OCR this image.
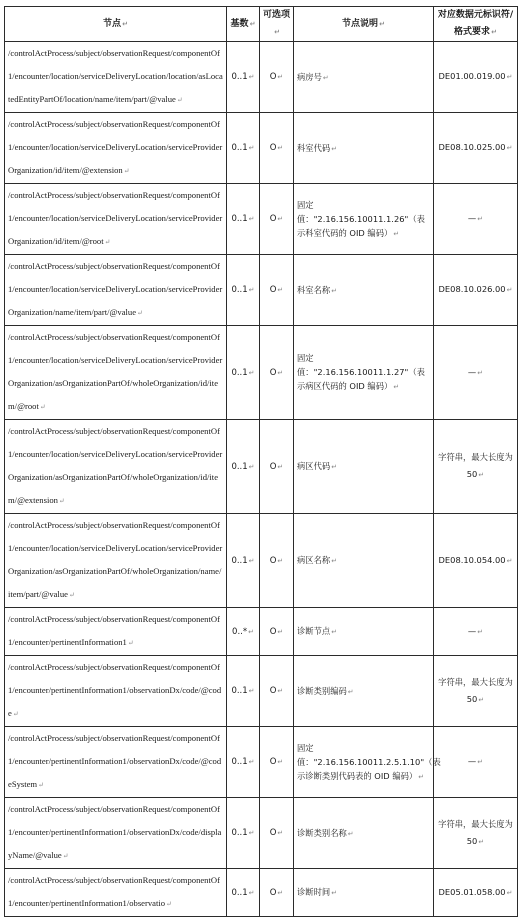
节点↵	基数↵	可选项↵	节点说明↵	对应数据元标识符/格式要求↵
/controlActProcess/subject/observationRequest/componentOf1/encounter/location/serviceDeliveryLocation/location/asLocatedEntityPartOf/location/name/item/part/@value↵	0..1↵	O↵	病房号↵	DE01.00.019.00↵
/controlActProcess/subject/observationRequest/componentOf1/encounter/location/serviceDeliveryLocation/serviceProviderOrganization/id/item/@extension↵	0..1↵	O↵	科室代码↵	DE08.10.025.00↵
/controlActProcess/subject/observationRequest/componentOf1/encounter/location/serviceDeliveryLocation/serviceProviderOrganization/id/item/@root↵	0..1↵	O↵	固定值："2.16.156.10011.1.26"（表示科室代码的 OID 编码）↵	—↵
/controlActProcess/subject/observationRequest/componentOf1/encounter/location/serviceDeliveryLocation/serviceProviderOrganization/name/item/part/@value↵	0..1↵	O↵	科室名称↵	DE08.10.026.00↵
/controlActProcess/subject/observationRequest/componentOf1/encounter/location/serviceDeliveryLocation/serviceProviderOrganization/asOrganizationPartOf/wholeOrganization/id/item/@root↵	0..1↵	O↵	固定值："2.16.156.10011.1.27"（表示病区代码的 OID 编码）↵	—↵
/controlActProcess/subject/observationRequest/componentOf1/encounter/location/serviceDeliveryLocation/serviceProviderOrganization/asOrganizationPartOf/wholeOrganization/id/item/@extension↵	0..1↵	O↵	病区代码↵	字符串，最大长度为 50↵
/controlActProcess/subject/observationRequest/componentOf1/encounter/location/serviceDeliveryLocation/serviceProviderOrganization/asOrganizationPartOf/wholeOrganization/name/item/part/@value↵	0..1↵	O↵	病区名称↵	DE08.10.054.00↵
/controlActProcess/subject/observationRequest/componentOf1/encounter/pertinentInformation1↵	0..*↵	O↵	诊断节点↵	—↵
/controlActProcess/subject/observationRequest/componentOf1/encounter/pertinentInformation1/observationDx/code/@code↵	0..1↵	O↵	诊断类别编码↵	字符串，最大长度为 50↵
/controlActProcess/subject/observationRequest/componentOf1/encounter/pertinentInformation1/observationDx/code/@codeSystem↵	0..1↵	O↵	固定值："2.16.156.10011.2.5.1.10"（表示诊断类别代码表的 OID 编码）↵	—↵
/controlActProcess/subject/observationRequest/componentOf1/encounter/pertinentInformation1/observationDx/code/displayName/@value↵	0..1↵	O↵	诊断类别名称↵	字符串，最大长度为 50↵
/controlActProcess/subject/observationRequest/componentOf1/encounter/pertinentInformation1/observatio↵	0..1↵	O↵	诊断时间↵	DE05.01.058.00↵
